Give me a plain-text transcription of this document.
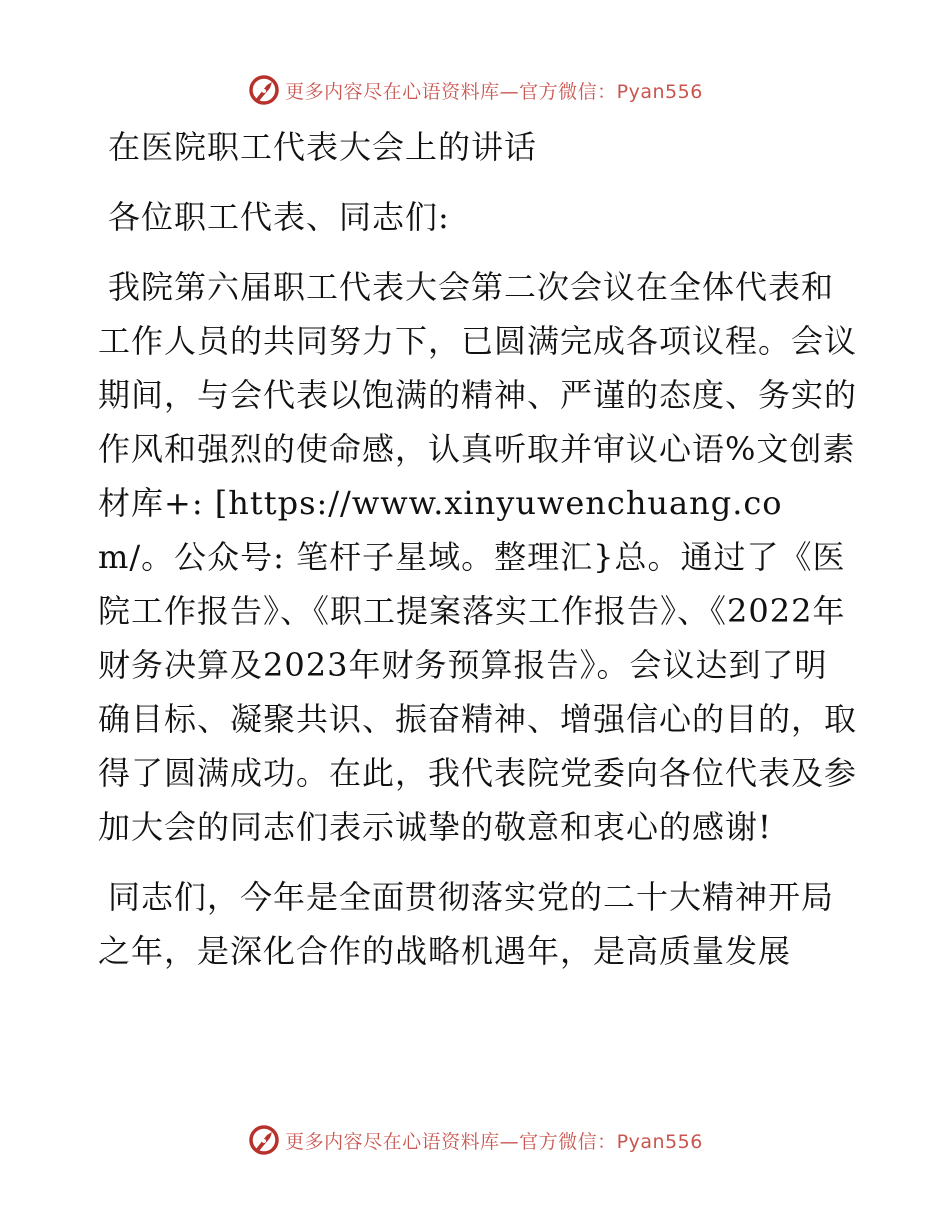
更多内容尽在心语资料库—官方微信：Pyan556
在医院职工代表大会上的讲话

各位职工代表、同志们:

我院第六届职工代表大会第二次会议在全体代表和工作人员的共同努力下，已圆满完成各项议程。会议期间，与会代表以饱满的精神、严谨的态度、务实的作风和强烈的使命感，认真听取并审议心语%文创素材库+: [https://www.xinyuwenchuang.com/。公众号: 笔杆子星域。整理汇}总。通过了《医院工作报告》、《职工提案落实工作报告》、《2022年财务决算及2023年财务预算报告》。会议达到了明确目标、凝聚共识、振奋精神、增强信心的目的，取得了圆满成功。在此，我代表院党委向各位代表及参加大会的同志们表示诚挚的敬意和衷心的感谢!

同志们，今年是全面贯彻落实党的二十大精神开局之年，是深化合作的战略机遇年，是高质量发展

更多内容尽在心语资料库—官方微信：Pyan556
